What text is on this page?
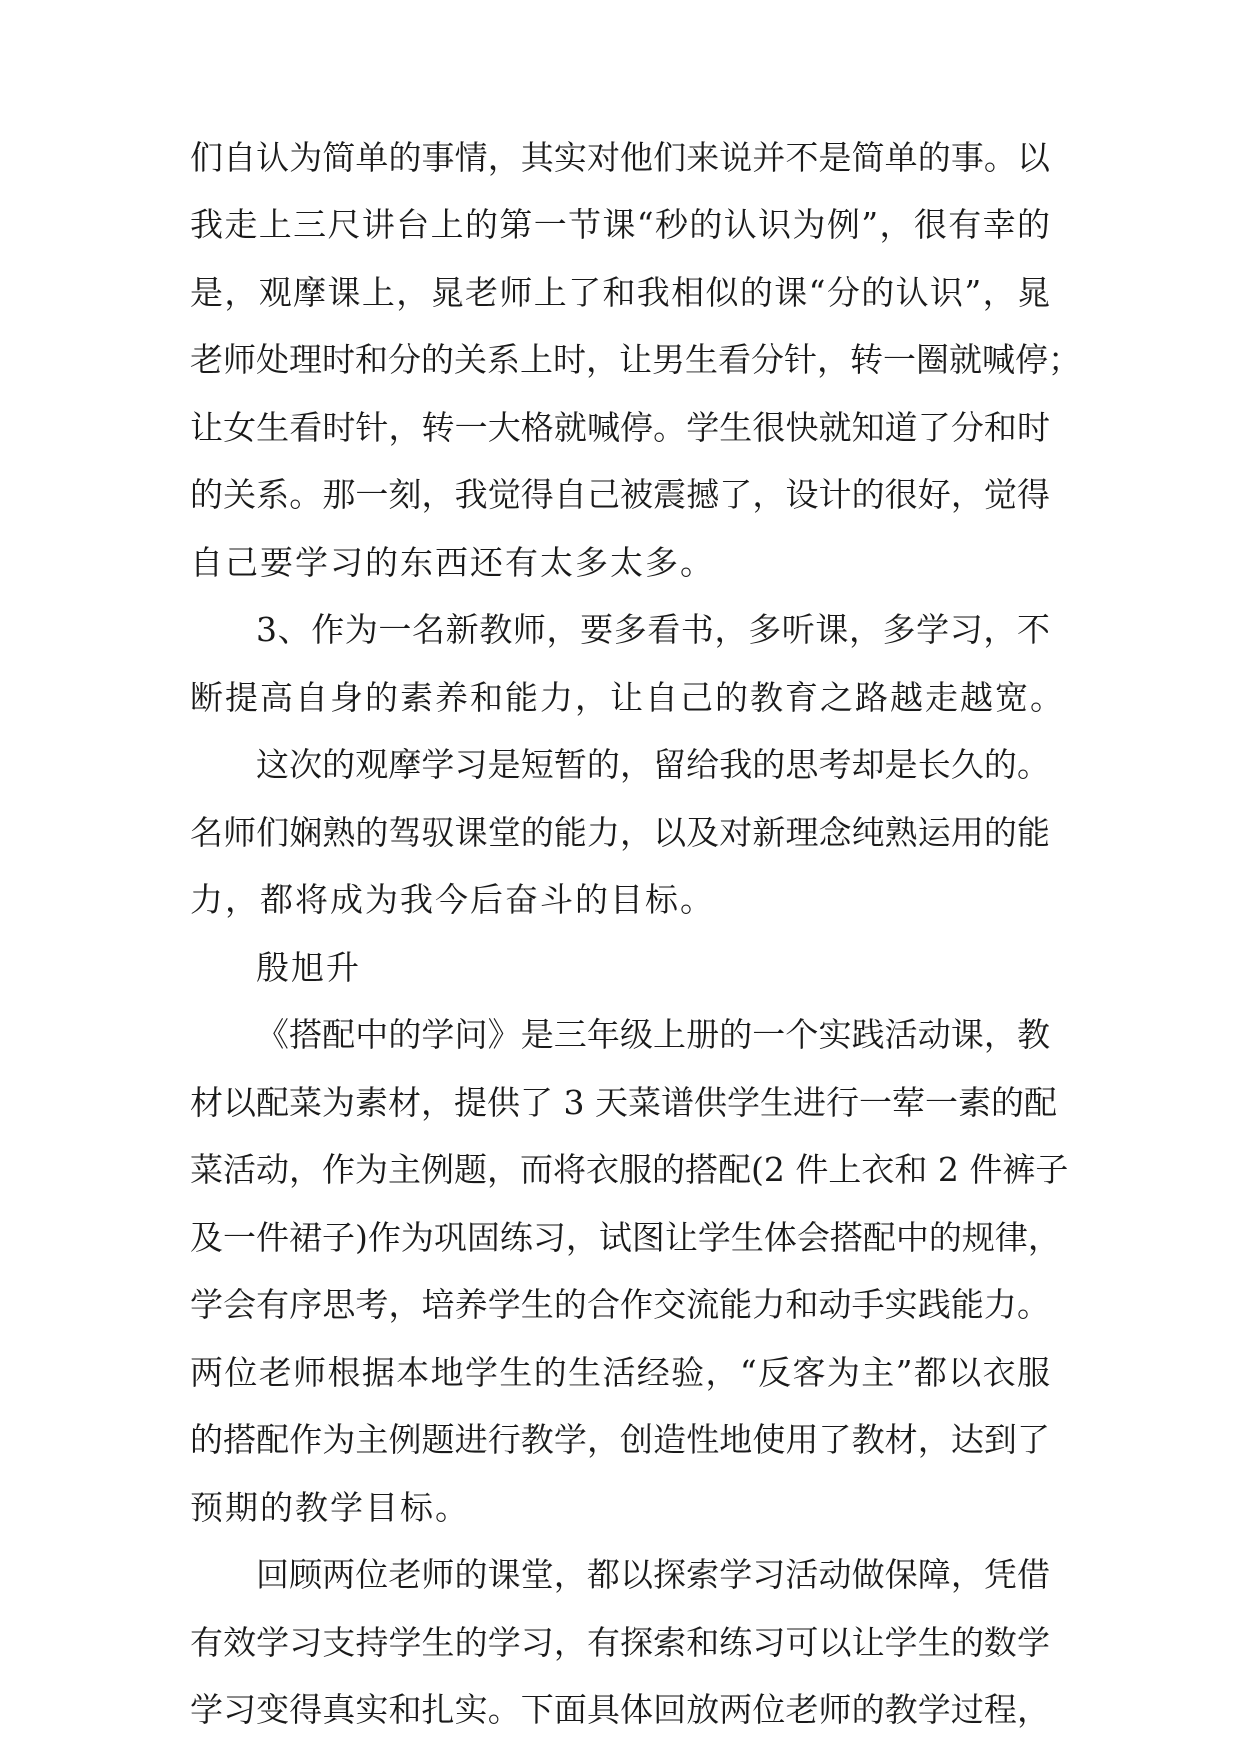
们自认为简单的事情，其实对他们来说并不是简单的事。以
我走上三尺讲台上的第一节课“秒的认识为例”，很有幸的
是，观摩课上，晁老师上了和我相似的课“分的认识”，晁
老师处理时和分的关系上时，让男生看分针，转一圈就喊停；
让女生看时针，转一大格就喊停。学生很快就知道了分和时
的关系。那一刻，我觉得自己被震撼了，设计的很好，觉得
自己要学习的东西还有太多太多。
3、作为一名新教师，要多看书，多听课，多学习，不
断提高自身的素养和能力，让自己的教育之路越走越宽。
这次的观摩学习是短暂的，留给我的思考却是长久的。
名师们娴熟的驾驭课堂的能力，以及对新理念纯熟运用的能
力，都将成为我今后奋斗的目标。
殷旭升
《搭配中的学问》是三年级上册的一个实践活动课，教
材以配菜为素材，提供了 3 天菜谱供学生进行一荤一素的配
菜活动，作为主例题，而将衣服的搭配(2 件上衣和 2 件裤子
及一件裙子)作为巩固练习，试图让学生体会搭配中的规律，
学会有序思考，培养学生的合作交流能力和动手实践能力。
两位老师根据本地学生的生活经验，“反客为主”都以衣服
的搭配作为主例题进行教学，创造性地使用了教材，达到了
预期的教学目标。
回顾两位老师的课堂，都以探索学习活动做保障，凭借
有效学习支持学生的学习，有探索和练习可以让学生的数学
学习变得真实和扎实。下面具体回放两位老师的教学过程，
